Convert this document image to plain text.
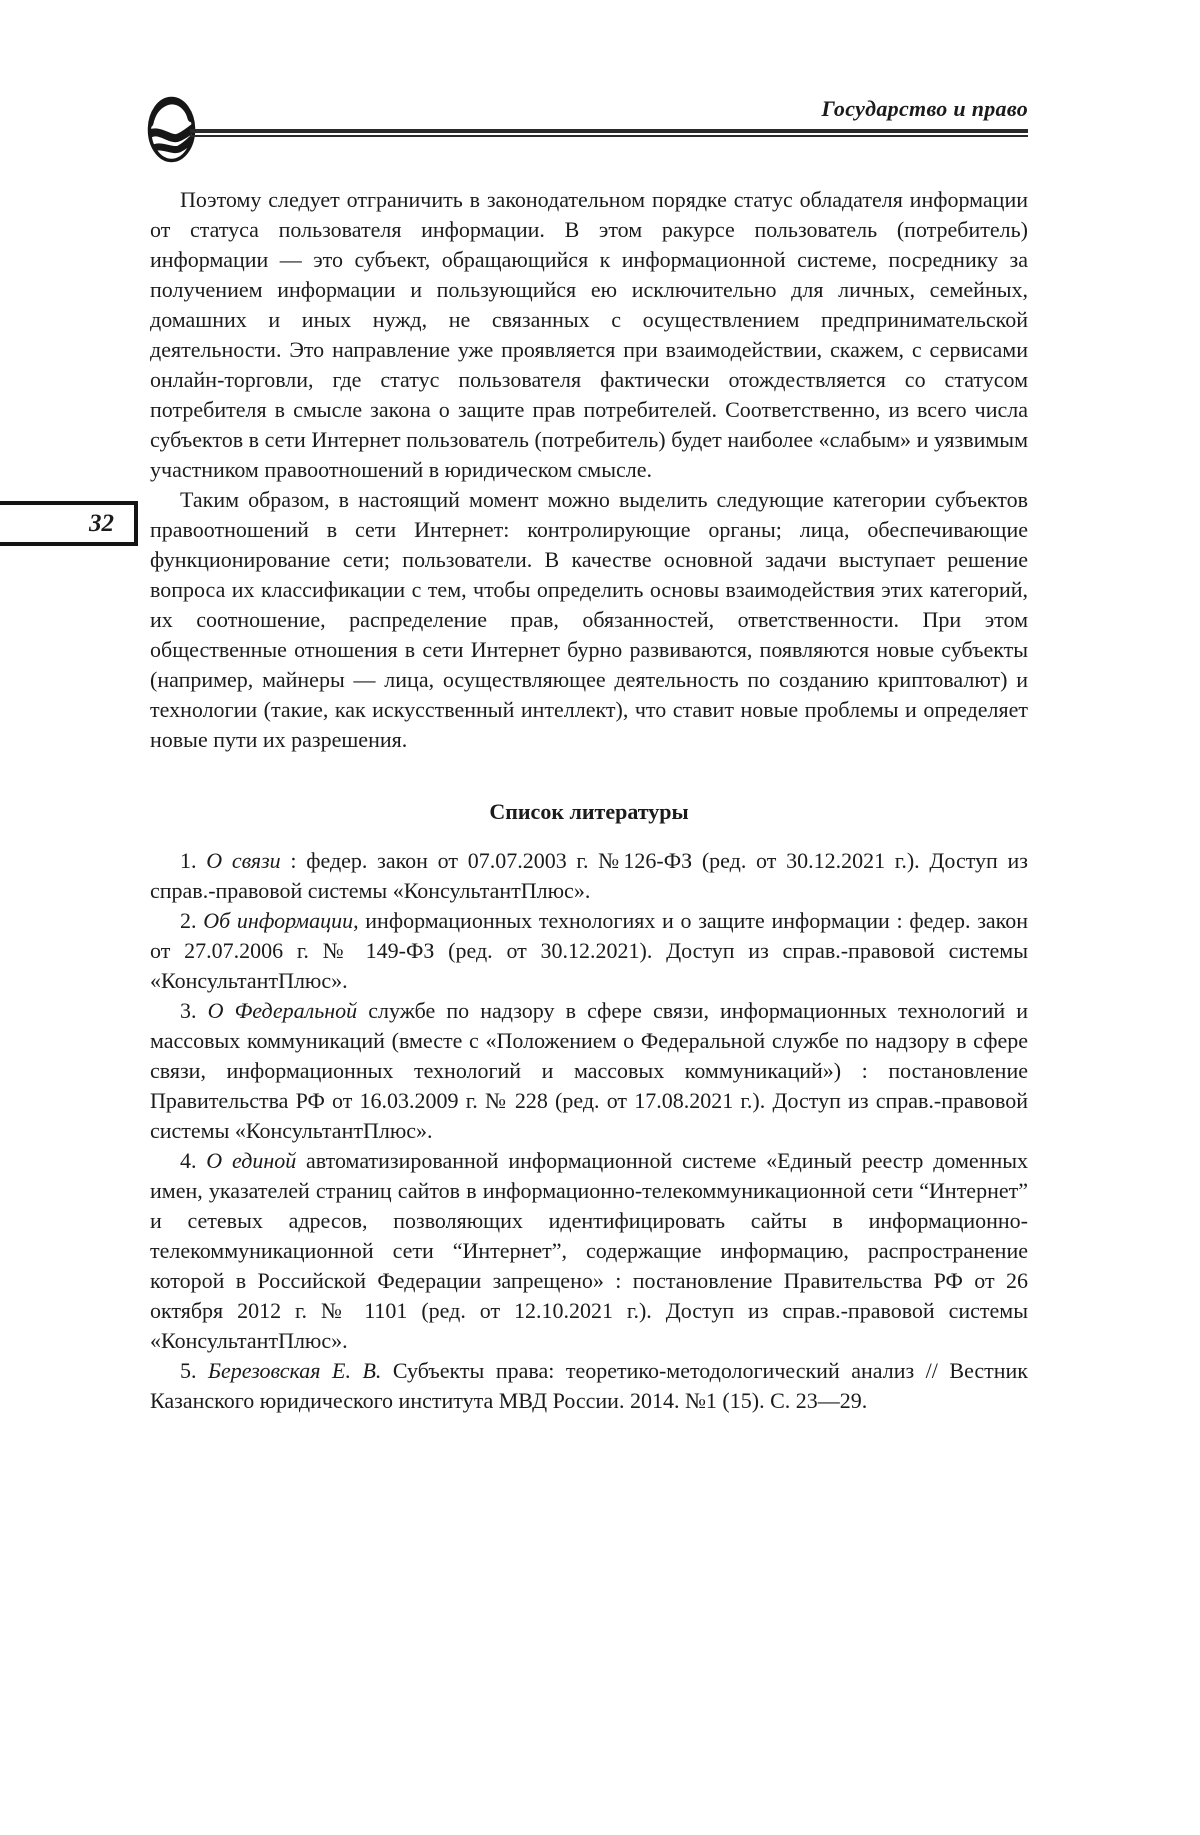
Государство и право
32

Поэтому следует отграничить в законодательном порядке статус обладателя информации от статуса пользователя информации. В этом ракурсе пользователь (потребитель) информации — это субъект, обращающийся к информационной системе, посреднику за получением информации и пользующийся ею исключительно для личных, семейных, домашних и иных нужд, не связанных с осуществлением предпринимательской деятельности. Это направление уже проявляется при взаимодействии, скажем, с сервисами онлайн-торговли, где статус пользователя фактически отождествляется со статусом потребителя в смысле закона о защите прав потребителей. Соответственно, из всего числа субъектов в сети Интернет пользователь (потребитель) будет наиболее «слабым» и уязвимым участником правоотношений в юридическом смысле.

Таким образом, в настоящий момент можно выделить следующие категории субъектов правоотношений в сети Интернет: контролирующие органы; лица, обеспечивающие функционирование сети; пользователи. В качестве основной задачи выступает решение вопроса их классификации с тем, чтобы определить основы взаимодействия этих категорий, их соотношение, распределение прав, обязанностей, ответственности. При этом общественные отношения в сети Интернет бурно развиваются, появляются новые субъекты (например, майнеры — лица, осуществляющее деятельность по созданию криптовалют) и технологии (такие, как искусственный интеллект), что ставит новые проблемы и определяет новые пути их разрешения.

Список литературы

1. О связи : федер. закон от 07.07.2003 г. №126-ФЗ (ред. от 30.12.2021 г.). Доступ из справ.-правовой системы «КонсультантПлюс».

2. Об информации, информационных технологиях и о защите информации : федер. закон от 27.07.2006 г. № 149-ФЗ (ред. от 30.12.2021). Доступ из справ.-правовой системы «КонсультантПлюс».

3. О Федеральной службе по надзору в сфере связи, информационных технологий и массовых коммуникаций (вместе с «Положением о Федеральной службе по надзору в сфере связи, информационных технологий и массовых коммуникаций») : постановление Правительства РФ от 16.03.2009 г. № 228 (ред. от 17.08.2021 г.). Доступ из справ.-правовой системы «КонсультантПлюс».

4. О единой автоматизированной информационной системе «Единый реестр доменных имен, указателей страниц сайтов в информационно-телекоммуникационной сети “Интернет” и сетевых адресов, позволяющих идентифицировать сайты в информационно-телекоммуникационной сети “Интернет”, содержащие информацию, распространение которой в Российской Федерации запрещено» : постановление Правительства РФ от 26 октября 2012 г. № 1101 (ред. от 12.10.2021 г.). Доступ из справ.-правовой системы «КонсультантПлюс».

5. Березовская Е. В. Субъекты права: теоретико-методологический анализ // Вестник Казанского юридического института МВД России. 2014. №1 (15). С. 23—29.
